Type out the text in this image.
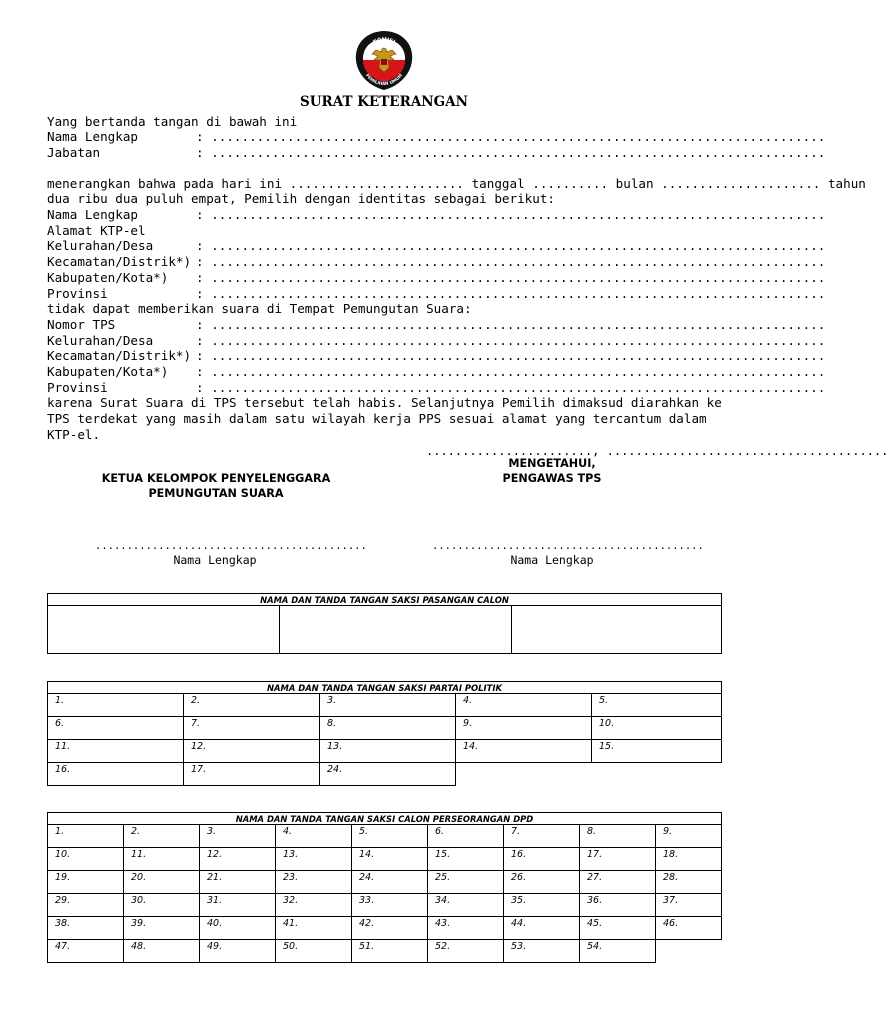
KOMISI
PEMILIHAN UMUM
SURAT KETERANGAN
Yang bertanda tangan di bawah ini
Nama Lengkap	: .................................................................................
Jabatan	: .................................................................................
menerangkan bahwa pada hari ini ....................... tanggal .......... bulan ..................... tahun
dua ribu dua puluh empat, Pemilih dengan identitas sebagai berikut:
Nama Lengkap	: .................................................................................
Alamat KTP-el
Kelurahan/Desa	: .................................................................................
Kecamatan/Distrik*) : .................................................................................
Kabupaten/Kota*) : .................................................................................
Provinsi	: .................................................................................
tidak dapat memberikan suara di Tempat Pemungutan Suara:
Nomor TPS	: .................................................................................
Kelurahan/Desa	: .................................................................................
Kecamatan/Distrik*) : .................................................................................
Kabupaten/Kota*) : .................................................................................
Provinsi	: .................................................................................
karena Surat Suara di TPS tersebut telah habis. Selanjutnya Pemilih dimaksud diarahkan ke
TPS terdekat yang masih dalam satu wilayah kerja PPS sesuai alamat yang tercantum dalam
KTP-el.
......................., .......................................
KETUA KELOMPOK PENYELENGGARA
PEMUNGUTAN SUARA
MENGETAHUI,
PENGAWAS TPS
...........................................	...........................................
Nama Lengkap	Nama Lengkap
NAMA DAN TANDA TANGAN SAKSI PASANGAN CALON

NAMA DAN TANDA TANGAN SAKSI PARTAI POLITIK				
1.	2.	3.	4.	5.
6.	7.	8.	9.	10.
11.	12.	13.	14.	15.
16.	17.	24.		
NAMA DAN TANDA TANGAN SAKSI CALON PERSEORANGAN DPD								
1.	2.	3.	4.	5.	6.	7.	8.	9.
10.	11.	12.	13.	14.	15.	16.	17.	18.
19.	20.	21.	23.	24.	25.	26.	27.	28.
29.	30.	31.	32.	33.	34.	35.	36.	37.
38.	39.	40.	41.	42.	43.	44.	45.	46.
47.	48.	49.	50.	51.	52.	53.	54.	
